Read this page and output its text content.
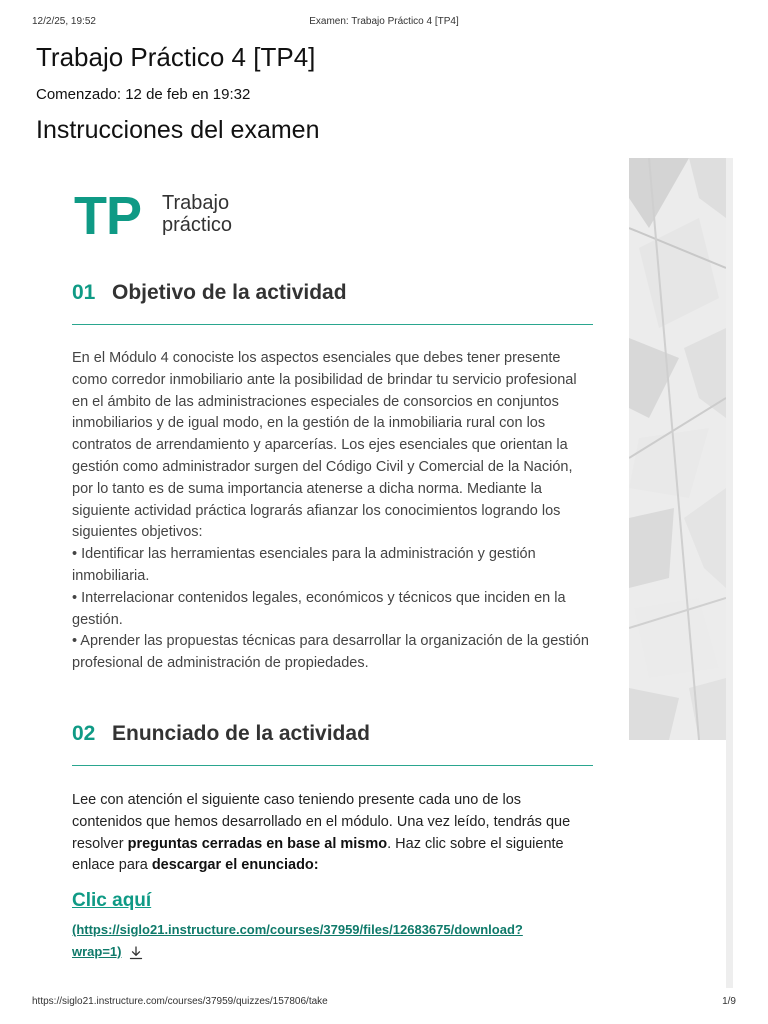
12/2/25, 19:52	Examen: Trabajo Práctico 4 [TP4]
Trabajo Práctico 4 [TP4]

Comenzado: 12 de feb en 19:32

Instrucciones del examen
TP Trabajo
práctico
01 Objetivo de la actividad

En el Módulo 4 conociste los aspectos esenciales que debes tener presente como corredor inmobiliario ante la posibilidad de brindar tu servicio profesional en el ámbito de las administraciones especiales de consorcios en conjuntos inmobiliarios y de igual modo, en la gestión de la inmobiliaria rural con los contratos de arrendamiento y aparcerías. Los ejes esenciales que orientan la gestión como administrador surgen del Código Civil y Comercial de la Nación, por lo tanto es de suma importancia atenerse a dicha norma. Mediante la siguiente actividad práctica lograrás afianzar los conocimientos logrando los siguientes objetivos:

• Identificar las herramientas esenciales para la administración y gestión inmobiliaria.

• Interrelacionar contenidos legales, económicos y técnicos que inciden en la gestión.

• Aprender las propuestas técnicas para desarrollar la organización de la gestión profesional de administración de propiedades.

02 Enunciado de la actividad

Lee con atención el siguiente caso teniendo presente cada uno de los contenidos que hemos desarrollado en el módulo. Una vez leído, tendrás que resolver preguntas cerradas en base al mismo. Haz clic sobre el siguiente enlace para descargar el enunciado:

Clic aquí
(https://siglo21.instructure.com/courses/37959/files/12683675/download?wrap=1)
https://siglo21.instructure.com/courses/37959/quizzes/157806/take	1/9
